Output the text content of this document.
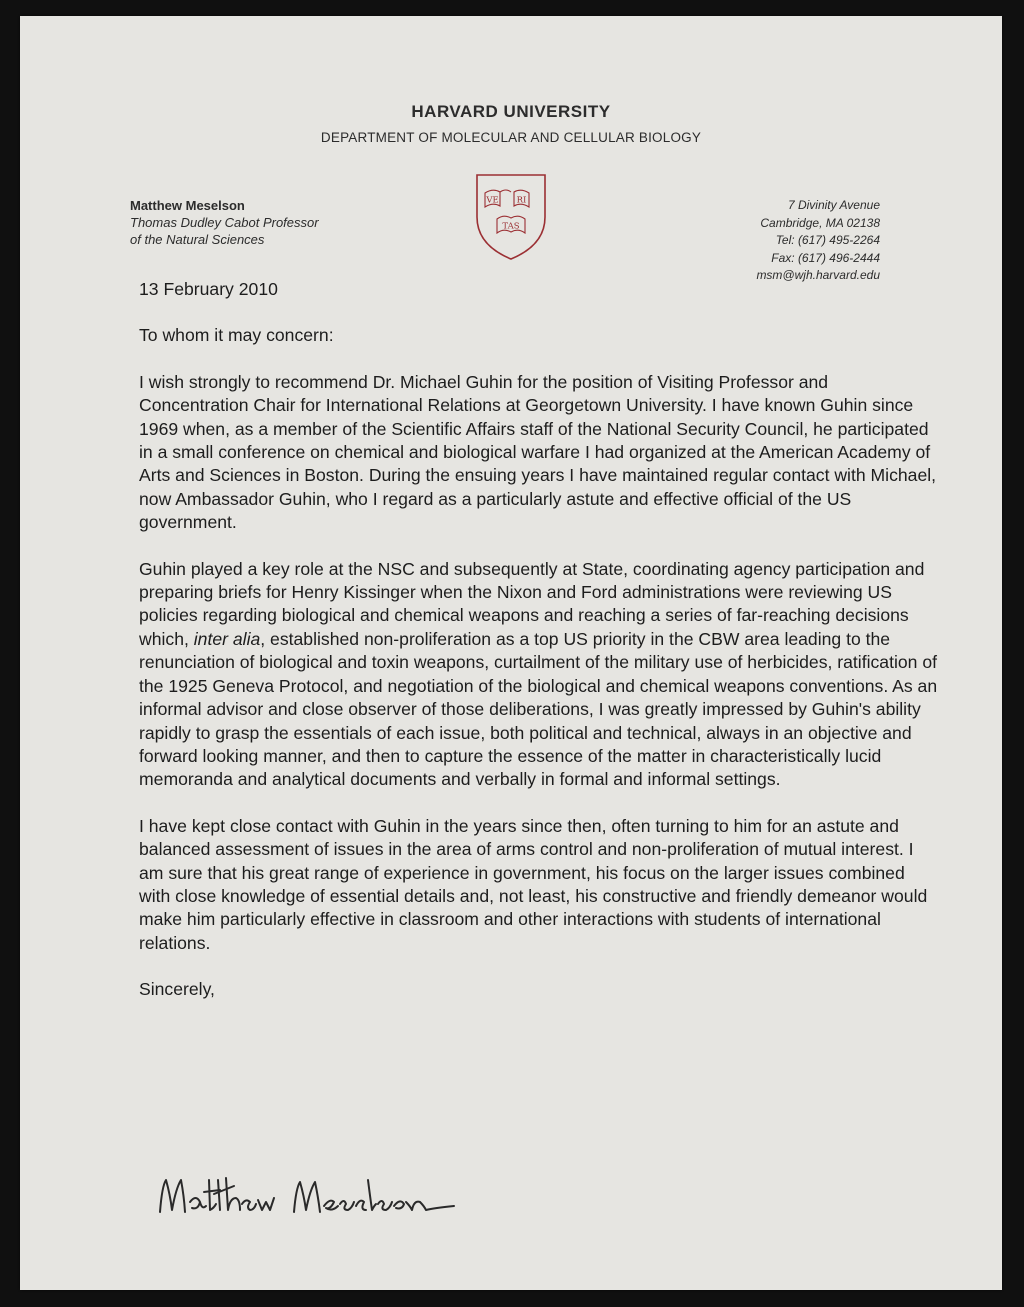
HARVARD UNIVERSITY
DEPARTMENT OF MOLECULAR AND CELLULAR BIOLOGY
Matthew Meselson
Thomas Dudley Cabot Professor
of the Natural Sciences
VE RI
TAS
7 Divinity Avenue
Cambridge, MA 02138
Tel: (617) 495-2264
Fax: (617) 496-2444
msm@wjh.harvard.edu

13 February 2010

To whom it may concern:

I wish strongly to recommend Dr. Michael Guhin for the position of Visiting Professor and Concentration Chair for International Relations at Georgetown University. I have known Guhin since 1969 when, as a member of the Scientific Affairs staff of the National Security Council, he participated in a small conference on chemical and biological warfare I had organized at the American Academy of Arts and Sciences in Boston. During the ensuing years I have maintained regular contact with Michael, now Ambassador Guhin, who I regard as a particularly astute and effective official of the US government.

Guhin played a key role at the NSC and subsequently at State, coordinating agency participation and preparing briefs for Henry Kissinger when the Nixon and Ford administrations were reviewing US policies regarding biological and chemical weapons and reaching a series of far-reaching decisions which, inter alia, established non-proliferation as a top US priority in the CBW area leading to the renunciation of biological and toxin weapons, curtailment of the military use of herbicides, ratification of the 1925 Geneva Protocol, and negotiation of the biological and chemical weapons conventions. As an informal advisor and close observer of those deliberations, I was greatly impressed by Guhin's ability rapidly to grasp the essentials of each issue, both political and technical, always in an objective and forward looking manner, and then to capture the essence of the matter in characteristically lucid memoranda and analytical documents and verbally in formal and informal settings.

I have kept close contact with Guhin in the years since then, often turning to him for an astute and balanced assessment of issues in the area of arms control and non-proliferation of mutual interest. I am sure that his great range of experience in government, his focus on the larger issues combined with close knowledge of essential details and, not least, his constructive and friendly demeanor would make him particularly effective in classroom and other interactions with students of international relations.

Sincerely,
